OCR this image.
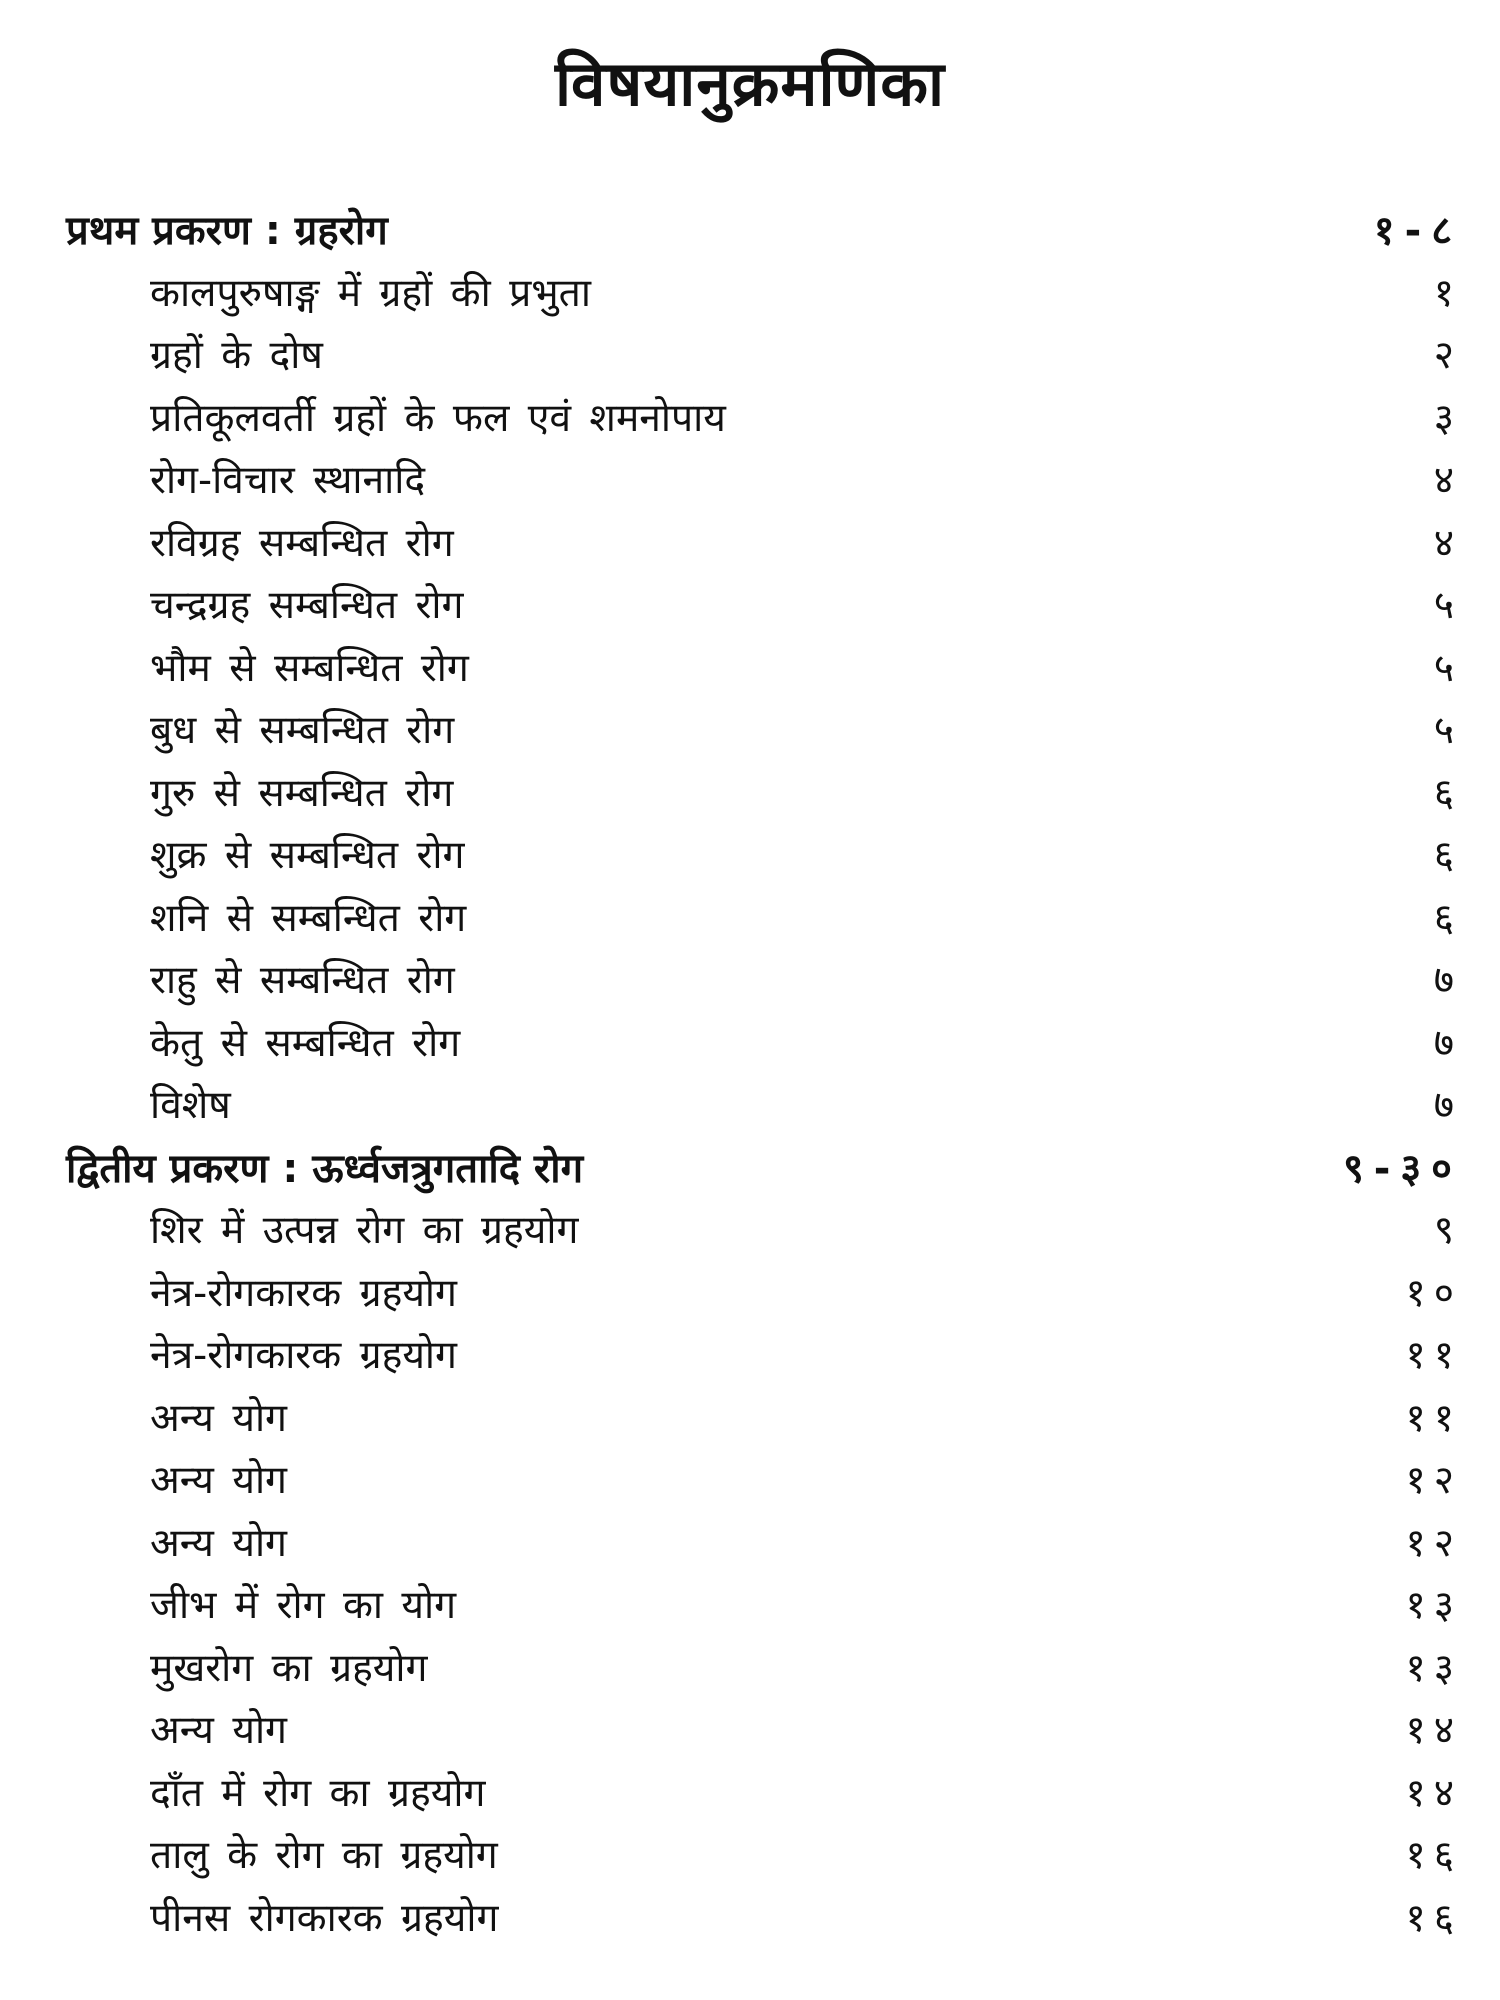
विषयानुक्रमणिका
प्रथम प्रकरण : ग्रहरोग	१-८
कालपुरुषाङ्ग में ग्रहों की प्रभुता	१
ग्रहों के दोष	२
प्रतिकूलवर्ती ग्रहों के फल एवं शमनोपाय	३
रोग-विचार स्थानादि	४
रविग्रह सम्बन्धित रोग	४
चन्द्रग्रह सम्बन्धित रोग	५
भौम से सम्बन्धित रोग	५
बुध से सम्बन्धित रोग	५
गुरु से सम्बन्धित रोग	६
शुक्र से सम्बन्धित रोग	६
शनि से सम्बन्धित रोग	६
राहु से सम्बन्धित रोग	७
केतु से सम्बन्धित रोग	७
विशेष	७
द्वितीय प्रकरण : ऊर्ध्वजत्रुगतादि रोग	९-३०
शिर में उत्पन्न रोग का ग्रहयोग	९
नेत्र-रोगकारक ग्रहयोग	१०
नेत्र-रोगकारक ग्रहयोग	११
अन्य योग	११
अन्य योग	१२
अन्य योग	१२
जीभ में रोग का योग	१३
मुखरोग का ग्रहयोग	१३
अन्य योग	१४
दाँत में रोग का ग्रहयोग	१४
तालु के रोग का ग्रहयोग	१६
पीनस रोगकारक ग्रहयोग	१६
